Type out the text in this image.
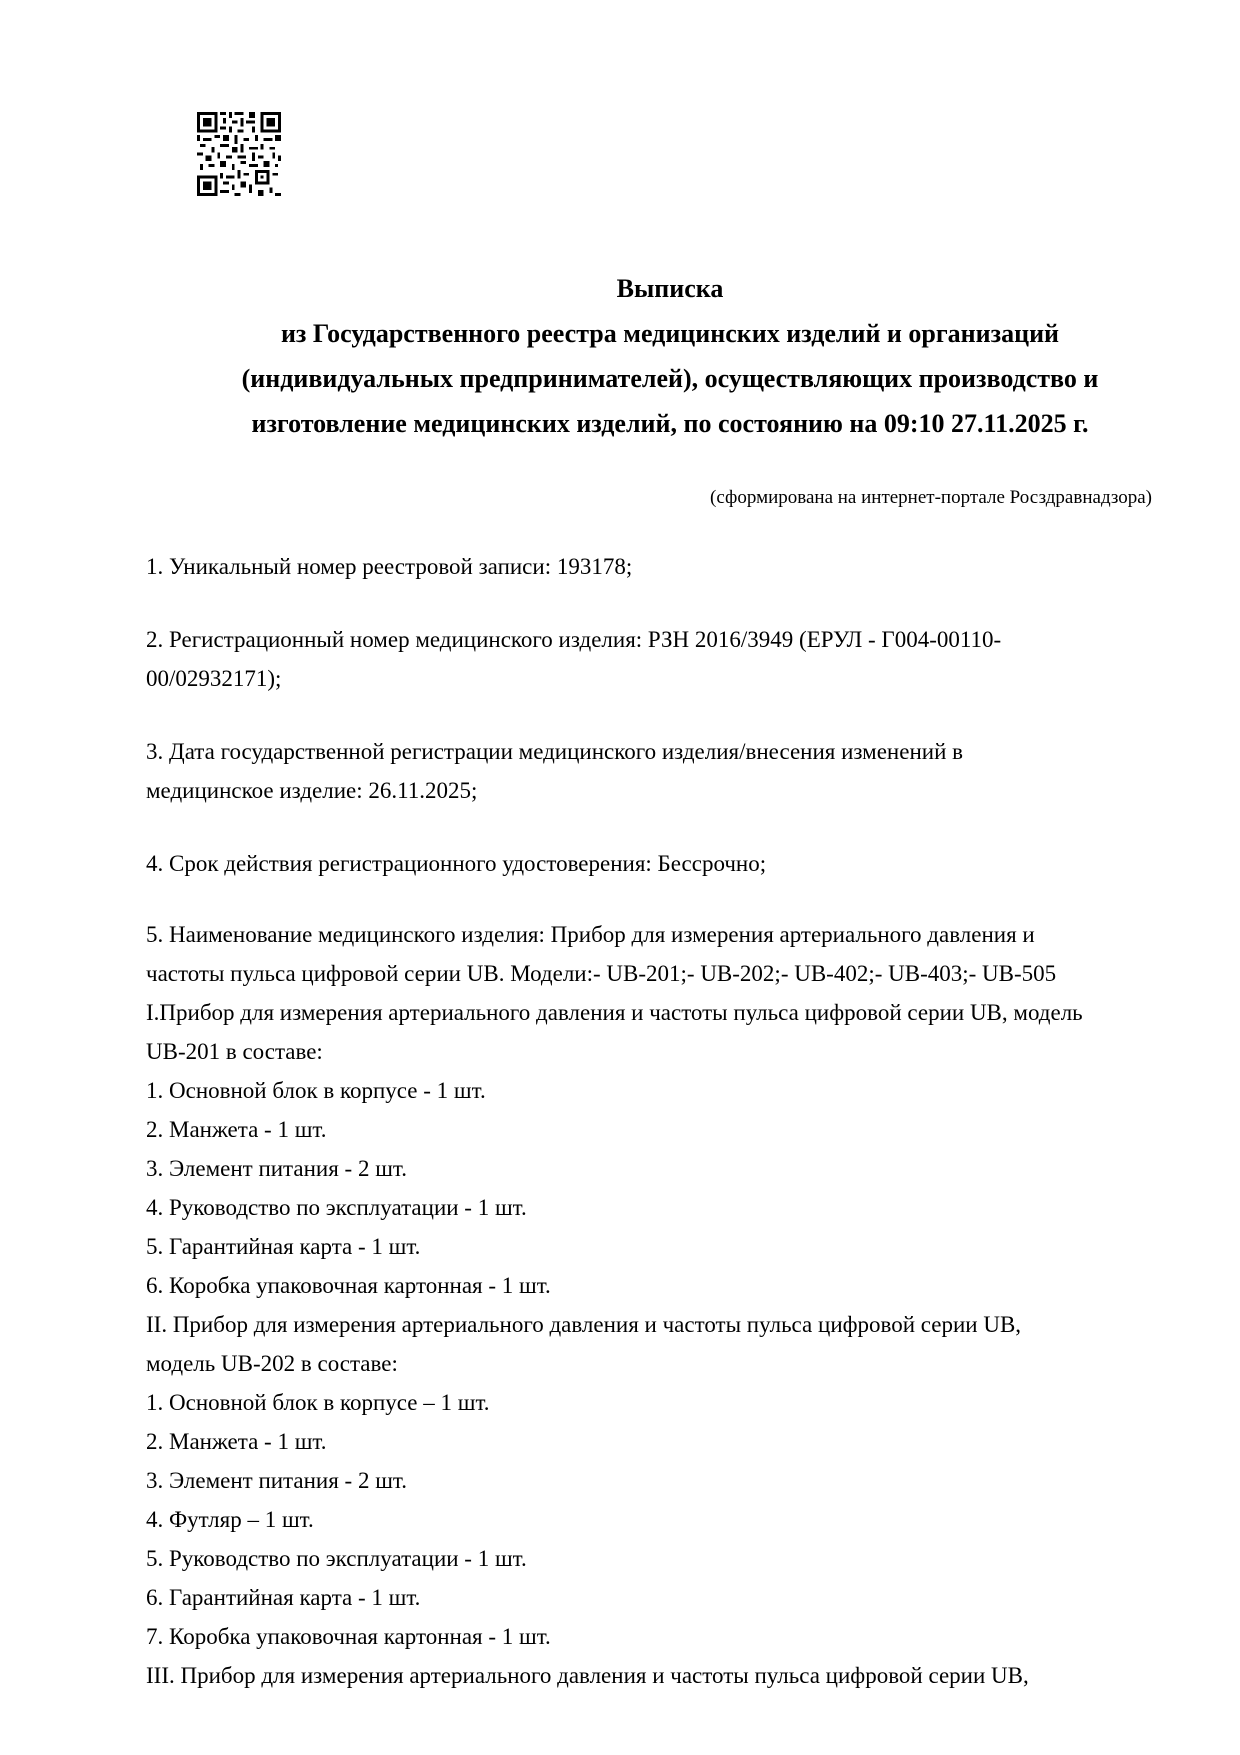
Выписка
из Государственного реестра медицинских изделий и организаций
(индивидуальных предпринимателей), осуществляющих производство и
изготовление медицинских изделий, по состоянию на 09:10 27.11.2025 г.
(сформирована на интернет-портале Росздравнадзора)
1. Уникальный номер реестровой записи: 193178;
2. Регистрационный номер медицинского изделия: РЗН 2016/3949 (ЕРУЛ - Г004-00110-
00/02932171);
3. Дата государственной регистрации медицинского изделия/внесения изменений в
медицинское изделие: 26.11.2025;
4. Срок действия регистрационного удостоверения: Бессрочно;
5. Наименование медицинского изделия: Прибор для измерения артериального давления и
частоты пульса цифровой серии UB. Модели:- UB-201;- UB-202;- UB-402;- UB-403;- UB-505
I.Прибор для измерения артериального давления и частоты пульса цифровой серии UB, модель
UB-201 в составе:
1. Основной блок в корпусе - 1 шт.
2. Манжета - 1 шт.
3. Элемент питания - 2 шт.
4. Руководство по эксплуатации - 1 шт.
5. Гарантийная карта - 1 шт.
6. Коробка упаковочная картонная - 1 шт.
II. Прибор для измерения артериального давления и частоты пульса цифровой серии UB,
модель UB-202 в составе:
1. Основной блок в корпусе – 1 шт.
2. Манжета - 1 шт.
3. Элемент питания - 2 шт.
4. Футляр – 1 шт.
5. Руководство по эксплуатации - 1 шт.
6. Гарантийная карта - 1 шт.
7. Коробка упаковочная картонная - 1 шт.
III. Прибор для измерения артериального давления и частоты пульса цифровой серии UB,
